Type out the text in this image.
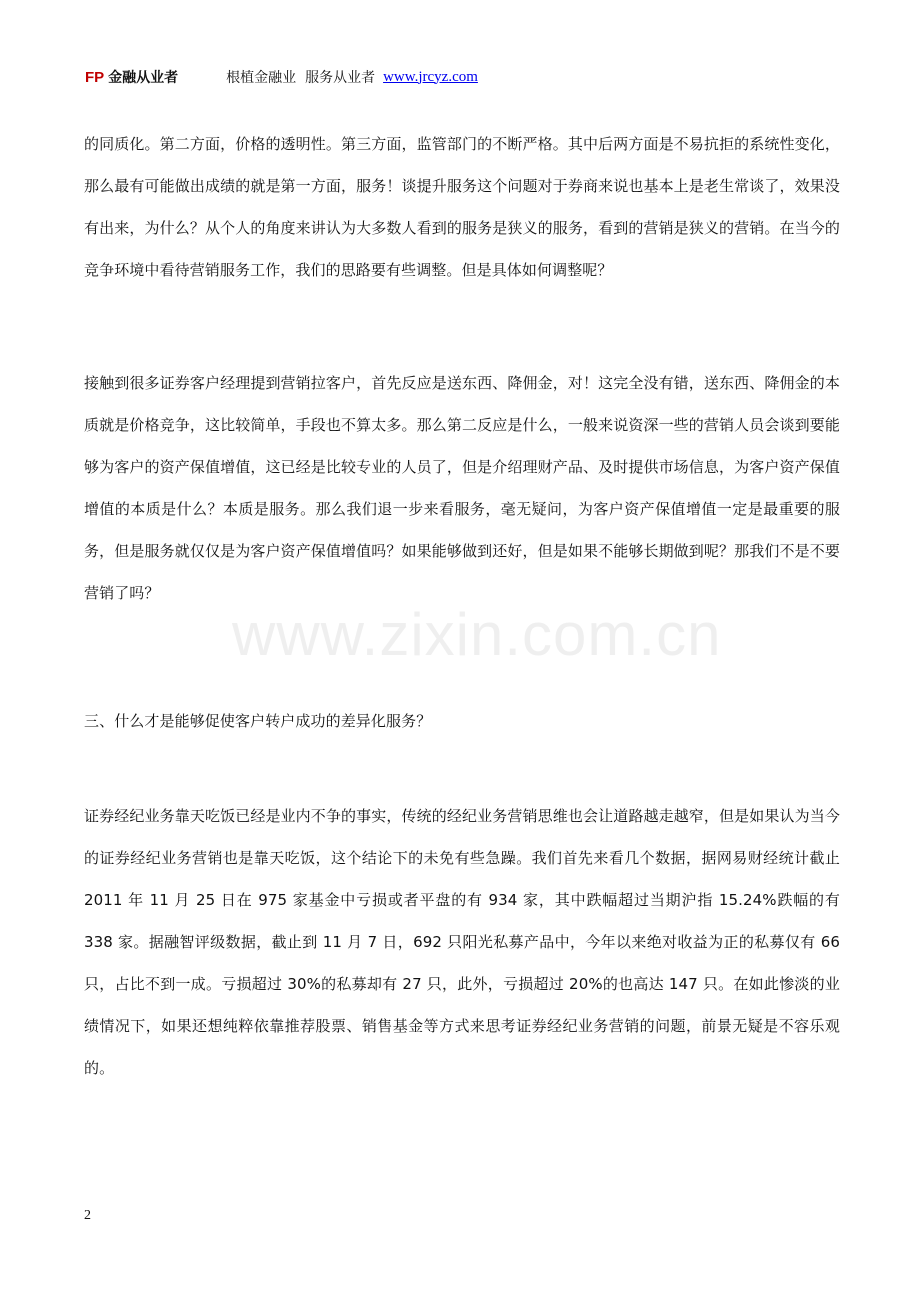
FP 金融从业者	根植金融业  服务从业者 www.jrcyz.com

的同质化。第二方面，价格的透明性。第三方面，监管部门的不断严格。其中后两方面是不易抗拒的系统性变化，那么最有可能做出成绩的就是第一方面，服务！谈提升服务这个问题对于券商来说也基本上是老生常谈了，效果没有出来，为什么？从个人的角度来讲认为大多数人看到的服务是狭义的服务，看到的营销是狭义的营销。在当今的竞争环境中看待营销服务工作，我们的思路要有些调整。但是具体如何调整呢？

接触到很多证券客户经理提到营销拉客户，首先反应是送东西、降佣金，对！这完全没有错，送东西、降佣金的本质就是价格竞争，这比较简单，手段也不算太多。那么第二反应是什么，一般来说资深一些的营销人员会谈到要能够为客户的资产保值增值，这已经是比较专业的人员了，但是介绍理财产品、及时提供市场信息，为客户资产保值增值的本质是什么？本质是服务。那么我们退一步来看服务，毫无疑问，为客户资产保值增值一定是最重要的服务，但是服务就仅仅是为客户资产保值增值吗？如果能够做到还好，但是如果不能够长期做到呢？那我们不是不要营销了吗？

三、什么才是能够促使客户转户成功的差异化服务？

证券经纪业务靠天吃饭已经是业内不争的事实，传统的经纪业务营销思维也会让道路越走越窄，但是如果认为当今的证券经纪业务营销也是靠天吃饭，这个结论下的未免有些急躁。我们首先来看几个数据，据网易财经统计截止 2011 年 11 月 25 日在 975 家基金中亏损或者平盘的有 934 家，其中跌幅超过当期沪指 15.24%跌幅的有 338 家。据融智评级数据，截止到 11 月 7 日，692 只阳光私募产品中，今年以来绝对收益为正的私募仅有 66 只，占比不到一成。亏损超过 30%的私募却有 27 只，此外，亏损超过 20%的也高达 147 只。在如此惨淡的业绩情况下，如果还想纯粹依靠推荐股票、销售基金等方式来思考证券经纪业务营销的问题，前景无疑是不容乐观的。

www.zixin.com.cn
2
